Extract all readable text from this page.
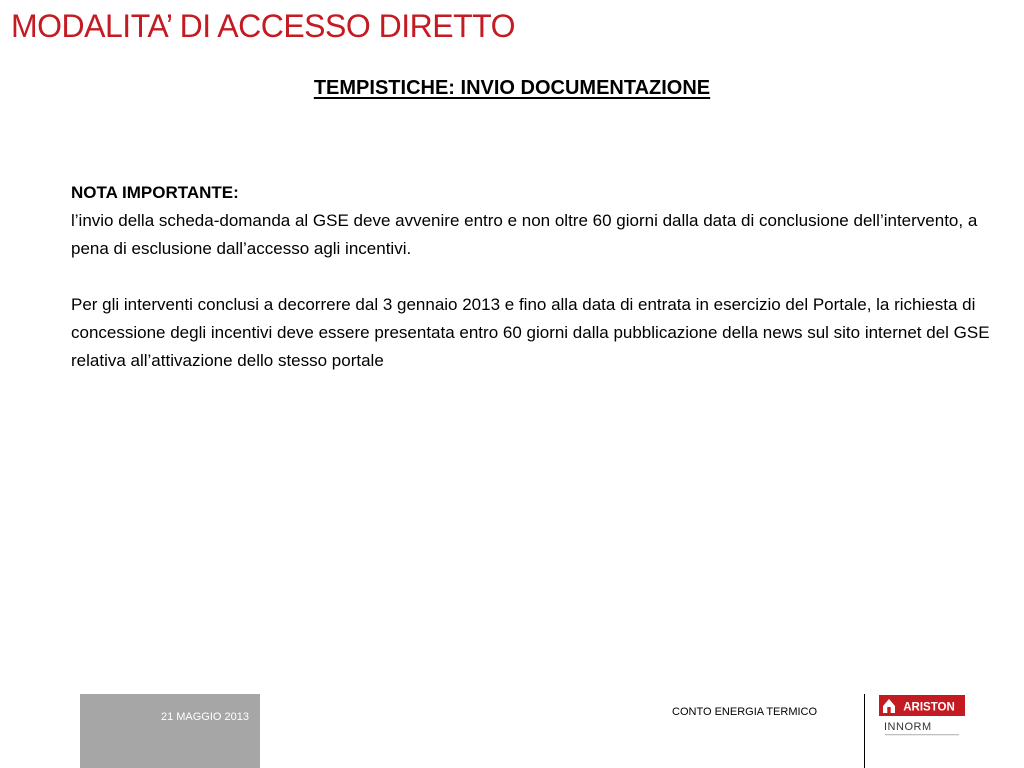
MODALITA’ DI ACCESSO DIRETTO
TEMPISTICHE: INVIO DOCUMENTAZIONE

NOTA IMPORTANTE:

l’invio della scheda-domanda al GSE deve avvenire entro e non oltre 60 giorni dalla data di conclusione dell’intervento, a pena di esclusione dall’accesso agli incentivi.

Per gli interventi conclusi a decorrere dal 3 gennaio 2013 e fino alla data di entrata in esercizio del Portale, la richiesta di concessione degli incentivi deve essere presentata entro 60 giorni dalla pubblicazione della news sul sito internet del GSE relativa all’attivazione dello stesso portale

21 MAGGIO 2013	CONTO ENERGIA TERMICO	ARISTON
INNORM
